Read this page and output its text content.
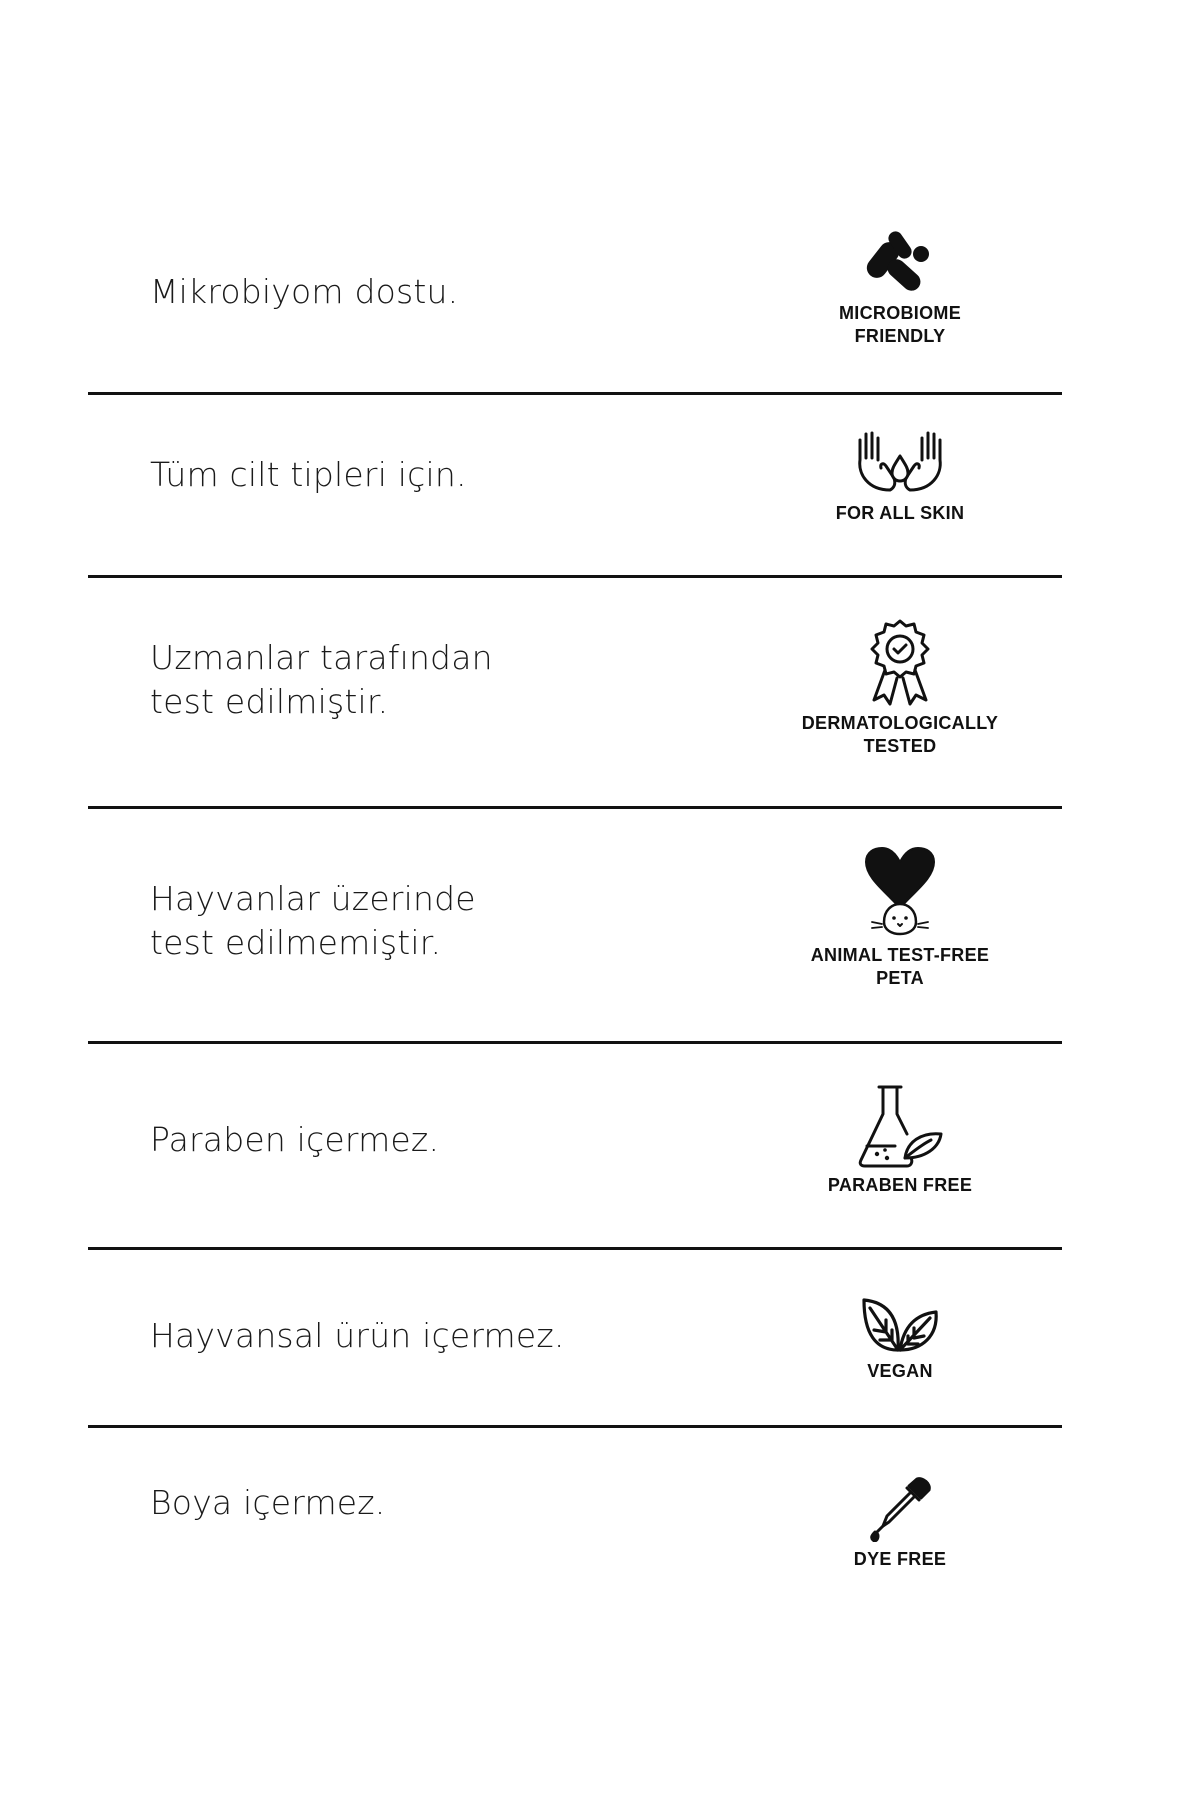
Mikrobiyom dostu.
MICROBIOME
FRIENDLY
Tüm cilt tipleri için.
FOR ALL SKIN
Uzmanlar tarafından
test edilmiştir.
DERMATOLOGICALLY
TESTED
Hayvanlar üzerinde
test edilmemiştir.	ANIMAL TEST-FREE
PETA
Paraben içermez.
PARABEN FREE
Hayvansal ürün içermez.
VEGAN
Boya içermez.
DYE FREE
